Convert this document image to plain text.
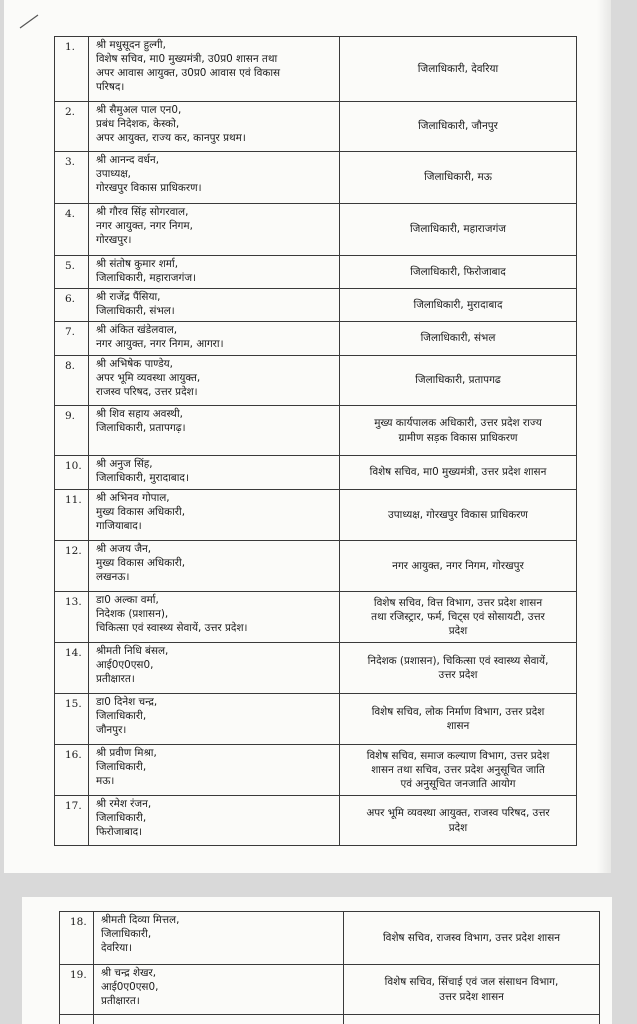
1.	श्री मधुसूदन हुल्गी,
विशेष सचिव, मा0 मुख्यमंत्री, उ0प्र0 शासन तथा
अपर आवास आयुक्त, उ0प्र0 आवास एवं विकास
परिषद।	जिलाधिकारी, देवरिया

2.	श्री सैमुअल पाल एन0,
प्रबंध निदेशक, केस्को,
अपर आयुक्त, राज्य कर, कानपुर प्रथम।	जिलाधिकारी, जौनपुर

3.	श्री आनन्द वर्धन,
उपाध्यक्ष,
गोरखपुर विकास प्राधिकरण।	जिलाधिकारी, मऊ

4.	श्री गौरव सिंह सोगरवाल,
नगर आयुक्त, नगर निगम,
गोरखपुर।	जिलाधिकारी, महाराजगंज

5.	श्री संतोष कुमार शर्मा,
जिलाधिकारी, महाराजगंज।	जिलाधिकारी, फिरोजाबाद

6.	श्री राजेंद्र पैंसिया,
जिलाधिकारी, संभल।	जिलाधिकारी, मुरादाबाद

7.	श्री अंकित खंडेलवाल,
नगर आयुक्त, नगर निगम, आगरा।	जिलाधिकारी, संभल

8.	श्री अभिषेक पाण्डेय,
अपर भूमि व्यवस्था आयुक्त,
राजस्व परिषद, उत्तर प्रदेश।	जिलाधिकारी, प्रतापगढ

9.	श्री शिव सहाय अवस्थी,
जिलाधिकारी, प्रतापगढ़।	मुख्य कार्यपालक अधिकारी, उत्तर प्रदेश राज्य
ग्रामीण सड़क विकास प्राधिकरण

10.	श्री अनुज सिंह,
जिलाधिकारी, मुरादाबाद।	विशेष सचिव, मा0 मुख्यमंत्री, उत्तर प्रदेश शासन

11.	श्री अभिनव गोपाल,
मुख्य विकास अधिकारी,
गाजियाबाद।	उपाध्यक्ष, गोरखपुर विकास प्राधिकरण

12.	श्री अजय जैन,
मुख्य विकास अधिकारी,
लखनऊ।	नगर आयुक्त, नगर निगम, गोरखपुर

13.	डा0 अल्का वर्मा,
निदेशक (प्रशासन),
चिकित्सा एवं स्वास्थ्य सेवायें, उत्तर प्रदेश।	विशेष सचिव, वित्त विभाग, उत्तर प्रदेश शासन
तथा रजिस्ट्रार, फर्म, चिट्स एवं सोसायटी, उत्तर
प्रदेश

14.	श्रीमती निधि बंसल,
आई0ए0एस0,
प्रतीक्षारत।	निदेशक (प्रशासन), चिकित्सा एवं स्वास्थ्य सेवायें,
उत्तर प्रदेश

15.	डा0 दिनेश चन्द्र,
जिलाधिकारी,
जौनपुर।	विशेष सचिव, लोक निर्माण विभाग, उत्तर प्रदेश
शासन

16.	श्री प्रवीण मिश्रा,
जिलाधिकारी,
मऊ।	विशेष सचिव, समाज कल्याण विभाग, उत्तर प्रदेश
शासन तथा सचिव, उत्तर प्रदेश अनुसूचित जाति
एवं अनुसूचित जनजाति आयोग

17.	श्री रमेश रंजन,
जिलाधिकारी,
फिरोजाबाद।	अपर भूमि व्यवस्था आयुक्त, राजस्व परिषद, उत्तर
प्रदेश
18.	श्रीमती दिव्या मित्तल,
जिलाधिकारी,
देवरिया।	विशेष सचिव, राजस्व विभाग, उत्तर प्रदेश शासन

19.	श्री चन्द्र शेखर,
आई0ए0एस0,
प्रतीक्षारत।	विशेष सचिव, सिंचाई एवं जल संसाधन विभाग,
उत्तर प्रदेश शासन
